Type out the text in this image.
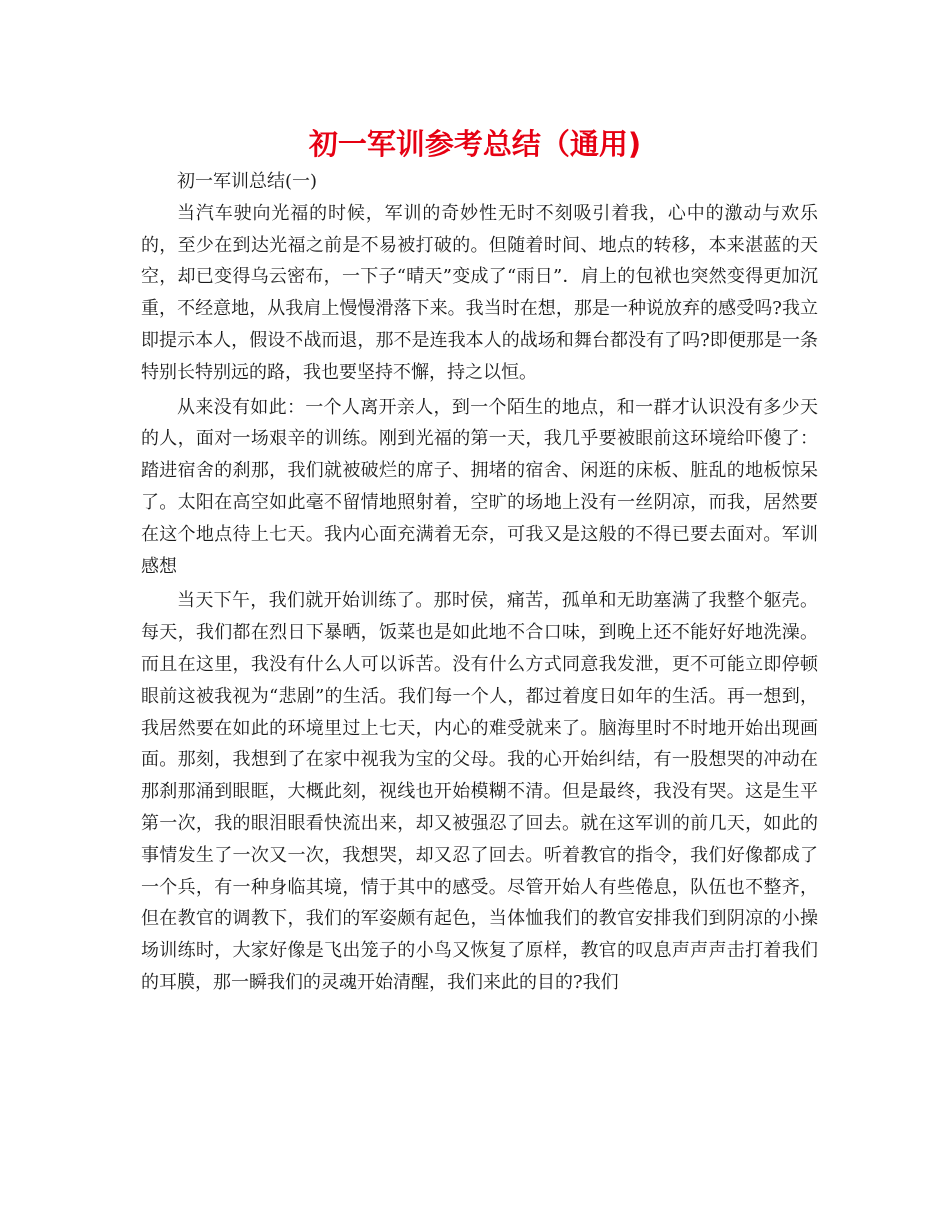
初一军训参考总结（通用)

初一军训总结(一)

当汽车驶向光福的时候，军训的奇妙性无时不刻吸引着我，心中的激动与欢乐的，至少在到达光福之前是不易被打破的。但随着时间、地点的转移，本来湛蓝的天空，却已变得乌云密布，一下子“晴天”变成了“雨日”．肩上的包袱也突然变得更加沉重，不经意地，从我肩上慢慢滑落下来。我当时在想，那是一种说放弃的感受吗?我立即提示本人，假设不战而退，那不是连我本人的战场和舞台都没有了吗?即便那是一条特别长特别远的路，我也要坚持不懈，持之以恒。

从来没有如此：一个人离开亲人，到一个陌生的地点，和一群才认识没有多少天的人，面对一场艰辛的训练。刚到光福的第一天，我几乎要被眼前这环境给吓傻了：踏进宿舍的刹那，我们就被破烂的席子、拥堵的宿舍、闲逛的床板、脏乱的地板惊呆了。太阳在高空如此毫不留情地照射着，空旷的场地上没有一丝阴凉，而我，居然要在这个地点待上七天。我内心面充满着无奈，可我又是这般的不得已要去面对。军训感想

当天下午，我们就开始训练了。那时侯，痛苦，孤单和无助塞满了我整个躯壳。每天，我们都在烈日下暴晒，饭菜也是如此地不合口味，到晚上还不能好好地洗澡。而且在这里，我没有什么人可以诉苦。没有什么方式同意我发泄，更不可能立即停顿眼前这被我视为“悲剧”的生活。我们每一个人，都过着度日如年的生活。再一想到，我居然要在如此的环境里过上七天，内心的难受就来了。脑海里时不时地开始出现画面。那刻，我想到了在家中视我为宝的父母。我的心开始纠结，有一股想哭的冲动在那刹那涌到眼眶，大概此刻，视线也开始模糊不清。但是最终，我没有哭。这是生平第一次，我的眼泪眼看快流出来，却又被强忍了回去。就在这军训的前几天，如此的事情发生了一次又一次，我想哭，却又忍了回去。听着教官的指令，我们好像都成了一个兵，有一种身临其境，情于其中的感受。尽管开始人有些倦息，队伍也不整齐，但在教官的调教下，我们的军姿颇有起色，当体恤我们的教官安排我们到阴凉的小操场训练时，大家好像是飞出笼子的小鸟又恢复了原样，教官的叹息声声声击打着我们的耳膜，那一瞬我们的灵魂开始清醒，我们来此的目的?我们
